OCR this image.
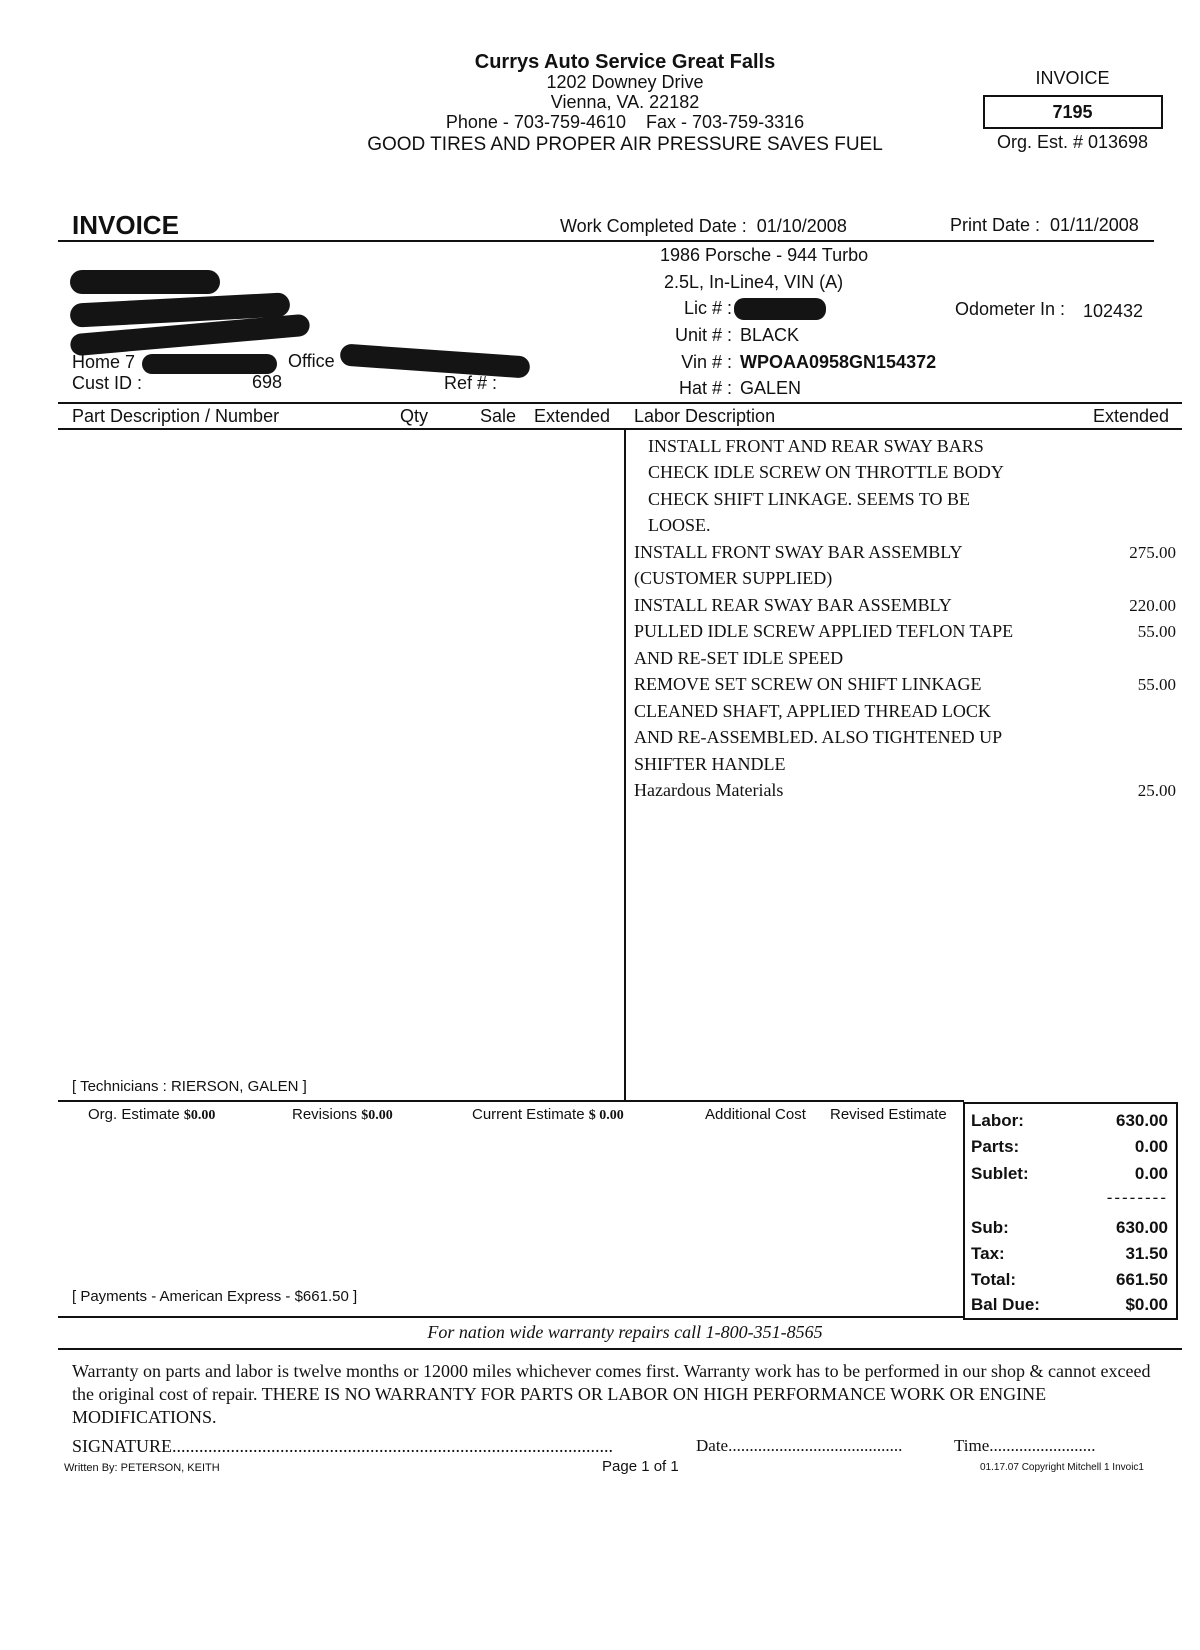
Currys Auto Service Great Falls
1202 Downey Drive
Vienna, VA. 22182
Phone - 703-759-4610    Fax - 703-759-3316
GOOD TIRES AND PROPER AIR PRESSURE SAVES FUEL
INVOICE
7195
Org. Est. # 013698
INVOICE	Work Completed Date :  01/10/2008	Print Date :  01/11/2008
1986 Porsche - 944 Turbo
2.5L, In-Line4, VIN (A)
Lic # :
Unit # : BLACK
Vin # : WPOAA0958GN154372
Hat # : GALEN
Odometer In : 102432
Home 7	Office
Cust ID :	698	Ref # :
Part Description / Number	Qty	Sale Extended Labor Description	Extended
INSTALL FRONT AND REAR SWAY BARS
CHECK IDLE SCREW ON THROTTLE BODY
CHECK SHIFT LINKAGE. SEEMS TO BE
LOOSE.
INSTALL FRONT SWAY BAR ASSEMBLY	275.00
(CUSTOMER SUPPLIED)
INSTALL REAR SWAY BAR ASSEMBLY	220.00
PULLED IDLE SCREW APPLIED TEFLON TAPE	55.00
AND RE-SET IDLE SPEED
REMOVE SET SCREW ON SHIFT LINKAGE	55.00
CLEANED SHAFT, APPLIED THREAD LOCK
AND RE-ASSEMBLED. ALSO TIGHTENED UP
SHIFTER HANDLE
Hazardous Materials	25.00
[ Technicians : RIERSON, GALEN ]
Org. Estimate $0.00	Revisions $0.00	Current Estimate $ 0.00	Additional Cost Revised Estimate Labor:	630.00
Parts:	0.00
Sublet:	0.00
--------
Sub:	630.00
Tax:	31.50
Total:	661.50
Bal Due:	$0.00
[ Payments - American Express - $661.50 ]
For nation wide warranty repairs call 1-800-351-8565
Warranty on parts and labor is twelve months or 12000 miles whichever comes first. Warranty work has to be performed in our shop & cannot exceed the original cost of repair. THERE IS NO WARRANTY FOR PARTS OR LABOR ON HIGH PERFORMANCE WORK OR ENGINE MODIFICATIONS.
SIGNATURE..................................................................................................	Date.........................................	Time.........................
Written By: PETERSON, KEITH	Page 1 of 1	01.17.07 Copyright Mitchell 1 Invoic1
